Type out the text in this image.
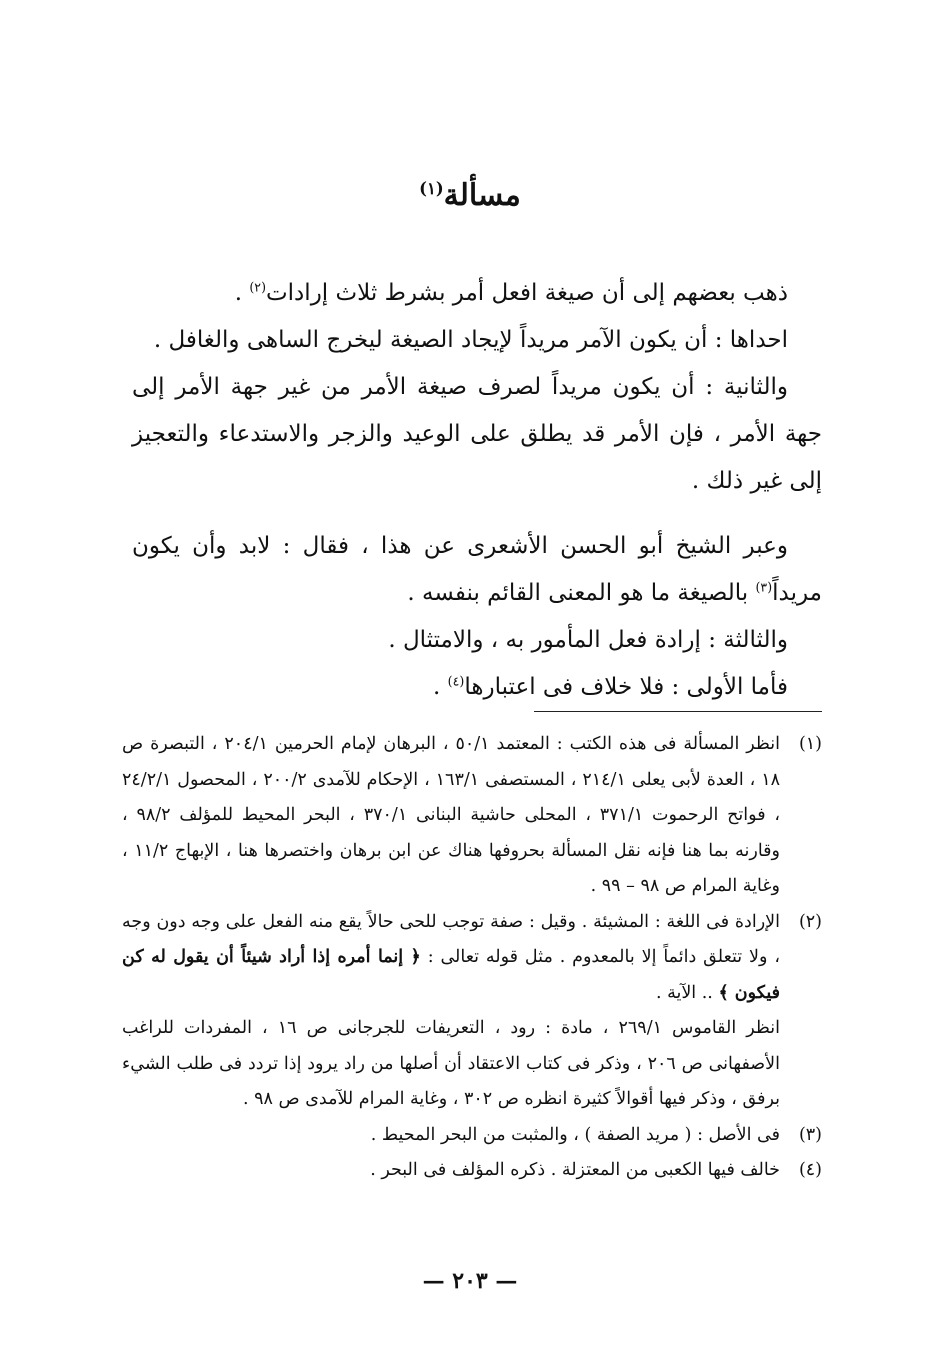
مسألة$^{(١)}$

ذهب بعضهم إلى أن صيغة افعل أمر بشرط ثلاث إرادات$^{(٢)}$ .

احداها : أن يكون الآمر مريداً لإيجاد الصيغة ليخرج الساهى والغافل .

والثانية : أن يكون مريداً لصرف صيغة الأمر من غير جهة الأمر إلى جهة الأمر ، فإن الأمر قد يطلق على الوعيد والزجر والاستدعاء والتعجيز إلى غير ذلك .

وعبر الشيخ أبو الحسن الأشعرى عن هذا ، فقال : لابد وأن يكون مريداً$^{(٣)}$ بالصيغة ما هو المعنى القائم بنفسه .

والثالثة : إرادة فعل المأمور به ، والامتثال .

فأما الأولى : فلا خلاف فى اعتبارها$^{(٤)}$ .

(١)
انظر المسألة فى هذه الكتب : المعتمد ٥٠/١ ، البرهان لإمام الحرمين ٢٠٤/١ ، التبصرة ص ١٨ ، العدة لأبى يعلى ٢١٤/١ ، المستصفى ١٦٣/١ ، الإحكام للآمدى ٢٠٠/٢ ، المحصول ٢٤/٢/١ ، فواتح الرحموت ٣٧١/١ ، المحلى حاشية البنانى ٣٧٠/١ ، البحر المحيط للمؤلف ٩٨/٢ ، وقارنه بما هنا فإنه نقل المسألة بحروفها هناك عن ابن برهان واختصرها هنا ، الإبهاج ١١/٢ ، وغاية المرام ص ٩٨ – ٩٩ .
(٢)

الإرادة فى اللغة : المشيئة . وقيل : صفة توجب للحى حالاً يقع منه الفعل على وجه دون وجه ، ولا تتعلق دائماً إلا بالمعدوم . مثل قوله تعالى : ﴿ إنما أمره إذا أراد شيئاً أن يقول له كن فيكون ﴾ .. الآية .

انظر القاموس ٢٦٩/١ ، مادة : رود ، التعريفات للجرجانى ص ١٦ ، المفردات للراغب الأصفهانى ص ٢٠٦ ، وذكر فى كتاب الاعتقاد أن أصلها من راد يرود إذا تردد فى طلب الشيء برفق ، وذكر فيها أقوالاً كثيرة انظره ص ٣٠٢ ، وغاية المرام للآمدى ص ٩٨ .

(٣)
فى الأصل : ( مريد الصفة ) ، والمثبت من البحر المحيط .
(٤)
خالف فيها الكعبى من المعتزلة . ذكره المؤلف فى البحر .
— ٢٠٣ —
